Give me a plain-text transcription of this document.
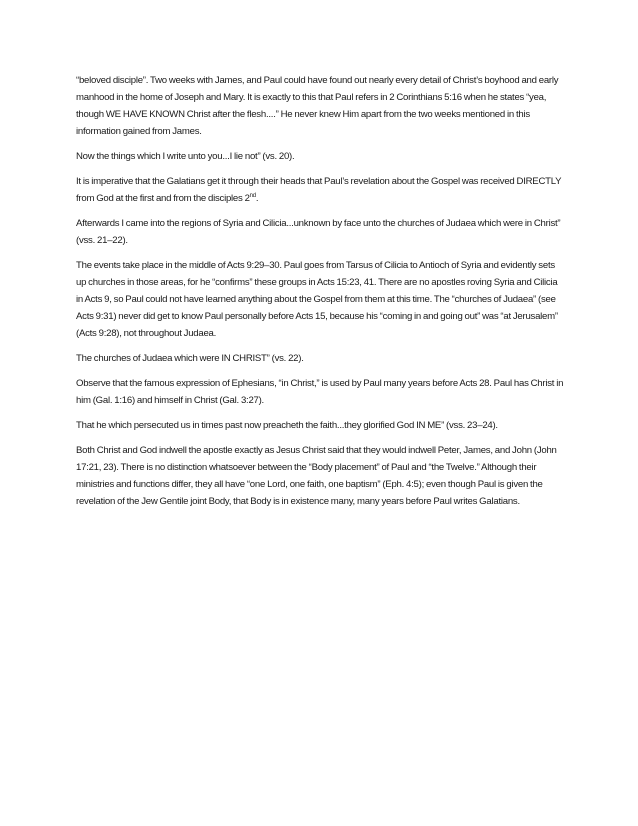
“beloved disciple”. Two weeks with James, and Paul could have found out nearly every detail of Christ’s boyhood and early manhood in the home of Joseph and Mary. It is exactly to this that Paul refers in 2 Corinthians 5:16 when he states “yea, though WE HAVE KNOWN Christ after the flesh....” He never knew Him apart from the two weeks mentioned in this information gained from James.

Now the things which I write unto you...I lie not” (vs. 20).

It is imperative that the Galatians get it through their heads that Paul’s revelation about the Gospel was received DIRECTLY from God at the first and from the disciples 2nd.

Afterwards I came into the regions of Syria and Cilicia...unknown by face unto the churches of Judaea which were in Christ” (vss. 21–22).

The events take place in the middle of Acts 9:29–30. Paul goes from Tarsus of Cilicia to Antioch of Syria and evidently sets up churches in those areas, for he “confirms” these groups in Acts 15:23, 41. There are no apostles roving Syria and Cilicia in Acts 9, so Paul could not have learned anything about the Gospel from them at this time. The “churches of Judaea” (see Acts 9:31) never did get to know Paul personally before Acts 15, because his “coming in and going out” was “at Jerusalem” (Acts 9:28), not throughout Judaea.

The churches of Judaea which were IN CHRIST” (vs. 22).

Observe that the famous expression of Ephesians, “in Christ,” is used by Paul many years before Acts 28. Paul has Christ in him (Gal. 1:16) and himself in Christ (Gal. 3:27).

That he which persecuted us in times past now preacheth the faith...they glorified God IN ME” (vss. 23–24).

Both Christ and God indwell the apostle exactly as Jesus Christ said that they would indwell Peter, James, and John (John 17:21, 23). There is no distinction whatsoever between the “Body placement” of Paul and “the Twelve.” Although their ministries and functions differ, they all have “one Lord, one faith, one baptism” (Eph. 4:5); even though Paul is given the revelation of the Jew Gentile joint Body, that Body is in existence many, many years before Paul writes Galatians.
